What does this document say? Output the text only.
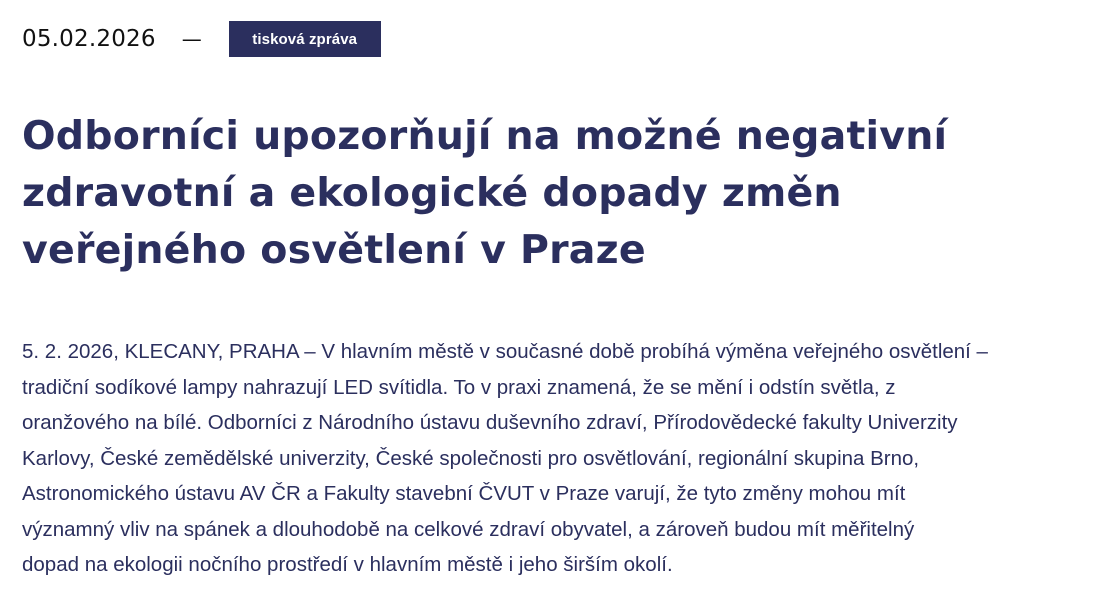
05.02.2026 —	tisková zpráva
Odborníci upozorňují na možné negativní
zdravotní a ekologické dopady změn
veřejného osvětlení v Praze

5. 2. 2026, KLECANY, PRAHA – V hlavním městě v současné době probíhá výměna veřejného osvětlení –
tradiční sodíkové lampy nahrazují LED svítidla. To v praxi znamená, že se mění i odstín světla, z
oranžového na bílé. Odborníci z Národního ústavu duševního zdraví, Přírodovědecké fakulty Univerzity
Karlovy, České zemědělské univerzity, České společnosti pro osvětlování, regionální skupina Brno,
Astronomického ústavu AV ČR a Fakulty stavební ČVUT v Praze varují, že tyto změny mohou mít
významný vliv na spánek a dlouhodobě na celkové zdraví obyvatel, a zároveň budou mít měřitelný
dopad na ekologii nočního prostředí v hlavním městě i jeho širším okolí.
